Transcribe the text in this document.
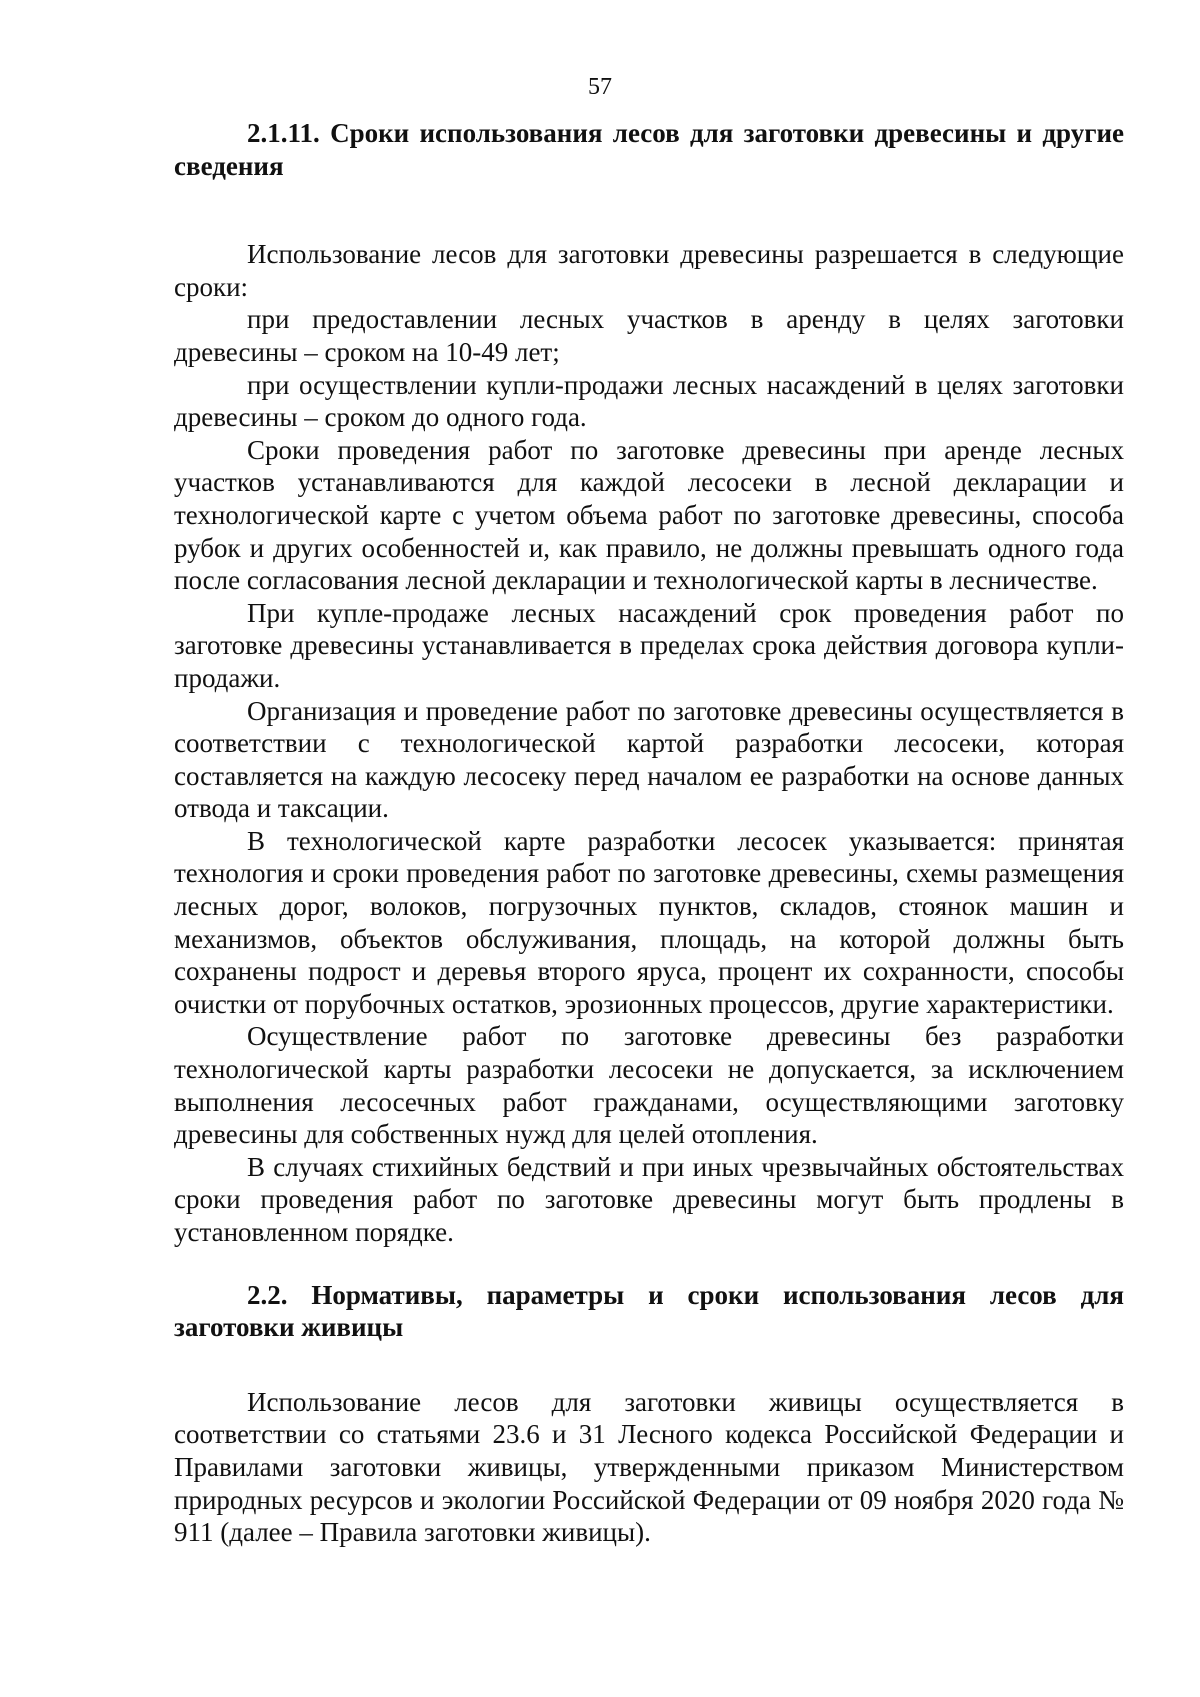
57

2.1.11. Сроки использования лесов для заготовки древесины и другие сведения

Использование лесов для заготовки древесины разрешается в следующие сроки:

при предоставлении лесных участков в аренду в целях заготовки древесины – сроком на 10-49 лет;

при осуществлении купли-продажи лесных насаждений в целях заготовки древесины – сроком до одного года.

Сроки проведения работ по заготовке древесины при аренде лесных участков устанавливаются для каждой лесосеки в лесной декларации и технологической карте с учетом объема работ по заготовке древесины, способа рубок и других особенностей и, как правило, не должны превышать одного года после согласования лесной декларации и технологической карты в лесничестве.

При купле-продаже лесных насаждений срок проведения работ по заготовке древесины устанавливается в пределах срока действия договора купли-продажи.

Организация и проведение работ по заготовке древесины осуществляется в соответствии с технологической картой разработки лесосеки, которая составляется на каждую лесосеку перед началом ее разработки на основе данных отвода и таксации.

В технологической карте разработки лесосек указывается: принятая технология и сроки проведения работ по заготовке древесины, схемы размещения лесных дорог, волоков, погрузочных пунктов, складов, стоянок машин и механизмов, объектов обслуживания, площадь, на которой должны быть сохранены подрост и деревья второго яруса, процент их сохранности, способы очистки от порубочных остатков, эрозионных процессов, другие характеристики.

Осуществление работ по заготовке древесины без разработки технологической карты разработки лесосеки не допускается, за исключением выполнения лесосечных работ гражданами, осуществляющими заготовку древесины для собственных нужд для целей отопления.

В случаях стихийных бедствий и при иных чрезвычайных обстоятельствах сроки проведения работ по заготовке древесины могут быть продлены в установленном порядке.

2.2. Нормативы, параметры и сроки использования лесов для заготовки живицы

Использование лесов для заготовки живицы осуществляется в соответствии со статьями 23.6 и 31 Лесного кодекса Российской Федерации и Правилами заготовки живицы, утвержденными приказом Министерством природных ресурсов и экологии Российской Федерации от 09 ноября 2020 года № 911 (далее – Правила заготовки живицы).
